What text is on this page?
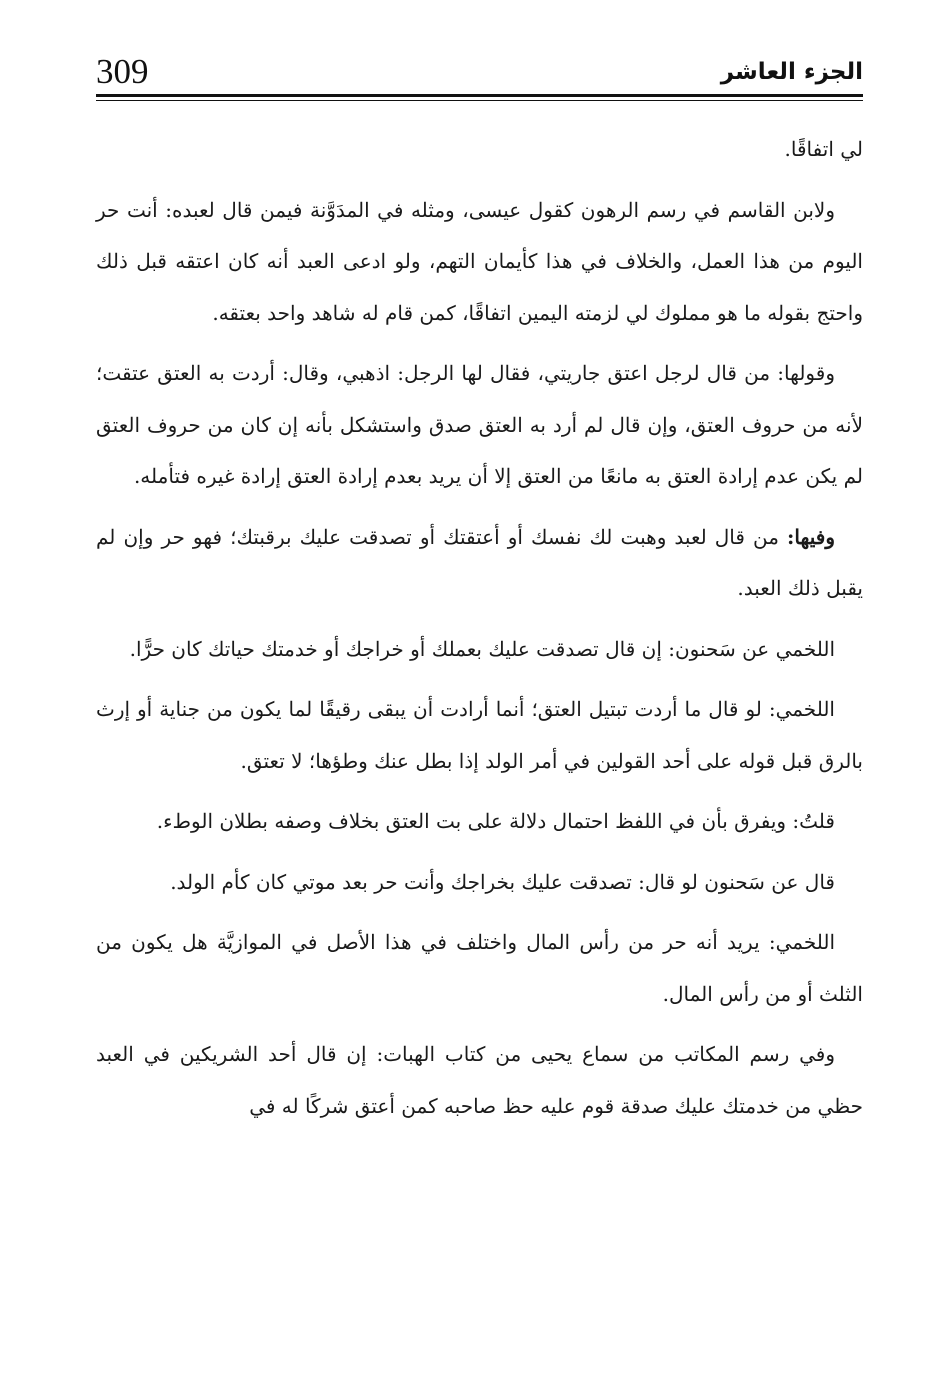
309	الجزء العاشر

لي اتفاقًا.

ولابن القاسم في رسم الرهون كقول عيسى، ومثله في المدَوَّنة فيمن قال لعبده: أنت حر اليوم من هذا العمل، والخلاف في هذا كأيمان التهم، ولو ادعى العبد أنه كان اعتقه قبل ذلك واحتج بقوله ما هو مملوك لي لزمته اليمين اتفاقًا، كمن قام له شاهد واحد بعتقه.

وقولها: من قال لرجل اعتق جاريتي، فقال لها الرجل: اذهبي، وقال: أردت به العتق عتقت؛ لأنه من حروف العتق، وإن قال لم أرد به العتق صدق واستشكل بأنه إن كان من حروف العتق لم يكن عدم إرادة العتق به مانعًا من العتق إلا أن يريد بعدم إرادة العتق إرادة غيره فتأمله.

وفيها: من قال لعبد وهبت لك نفسك أو أعتقتك أو تصدقت عليك برقبتك؛ فهو حر وإن لم يقبل ذلك العبد.

اللخمي عن سَحنون: إن قال تصدقت عليك بعملك أو خراجك أو خدمتك حياتك كان حرًّا.

اللخمي: لو قال ما أردت تبتيل العتق؛ أنما أرادت أن يبقى رقيقًا لما يكون من جناية أو إرث بالرق قبل قوله على أحد القولين في أمر الولد إذا بطل عنك وطؤها؛ لا تعتق.

قلتُ: ويفرق بأن في اللفظ احتمال دلالة على بت العتق بخلاف وصفه بطلان الوطء.

قال عن سَحنون لو قال: تصدقت عليك بخراجك وأنت حر بعد موتي كان كأم الولد.

اللخمي: يريد أنه حر من رأس المال واختلف في هذا الأصل في الموازيَّة هل يكون من الثلث أو من رأس المال.

وفي رسم المكاتب من سماع يحيى من كتاب الهبات: إن قال أحد الشريكين في العبد حظي من خدمتك عليك صدقة قوم عليه حظ صاحبه كمن أعتق شركًا له في
